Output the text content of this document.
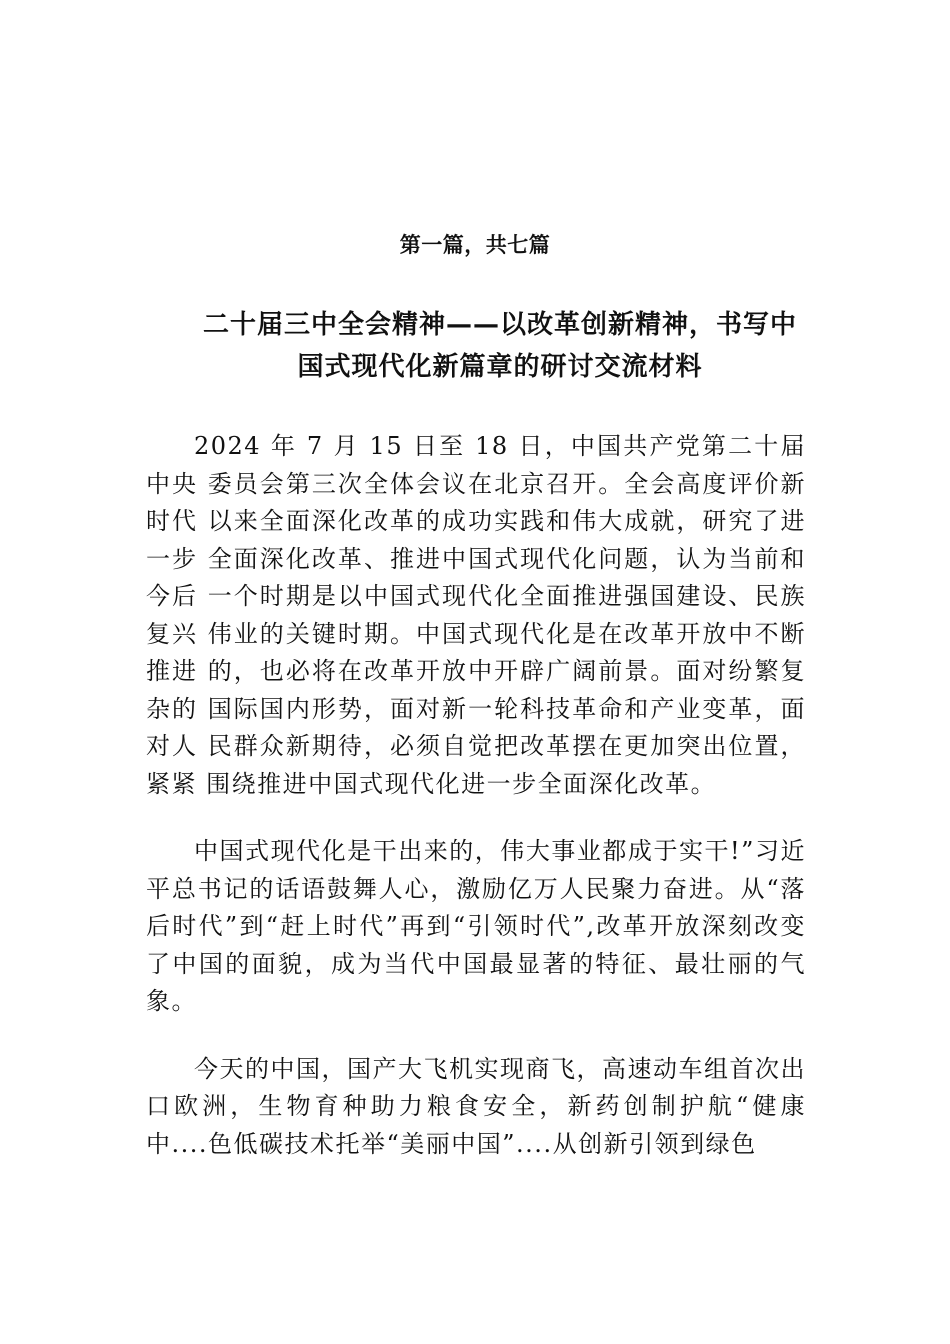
第一篇，共七篇
二十届三中全会精神——以改革创新精神，书写中国式现代化新篇章的研讨交流材料

2024 年 7 月 15 日至 18 日，中国共产党第二十届中央 委员会第三次全体会议在北京召开。全会高度评价新时代 以来全面深化改革的成功实践和伟大成就，研究了进一步 全面深化改革、推进中国式现代化问题，认为当前和今后 一个时期是以中国式现代化全面推进强国建设、民族复兴 伟业的关键时期。中国式现代化是在改革开放中不断推进 的，也必将在改革开放中开辟广阔前景。面对纷繁复杂的 国际国内形势，面对新一轮科技革命和产业变革，面对人 民群众新期待，必须自觉把改革摆在更加突出位置，紧紧 围绕推进中国式现代化进一步全面深化改革。

中国式现代化是干出来的，伟大事业都成于实干!”习近 平总书记的话语鼓舞人心，激励亿万人民聚力奋进。从“落 后时代”到“赶上时代”再到“引领时代”,改革开放深刻改变 了中国的面貌，成为当代中国最显著的特征、最壮丽的气 象。

今天的中国，国产大飞机实现商飞，高速动车组首次出口欧洲，生物育种助力粮食安全，新药创制护航“健康中....色低碳技术托举“美丽中国”....从创新引领到绿色
